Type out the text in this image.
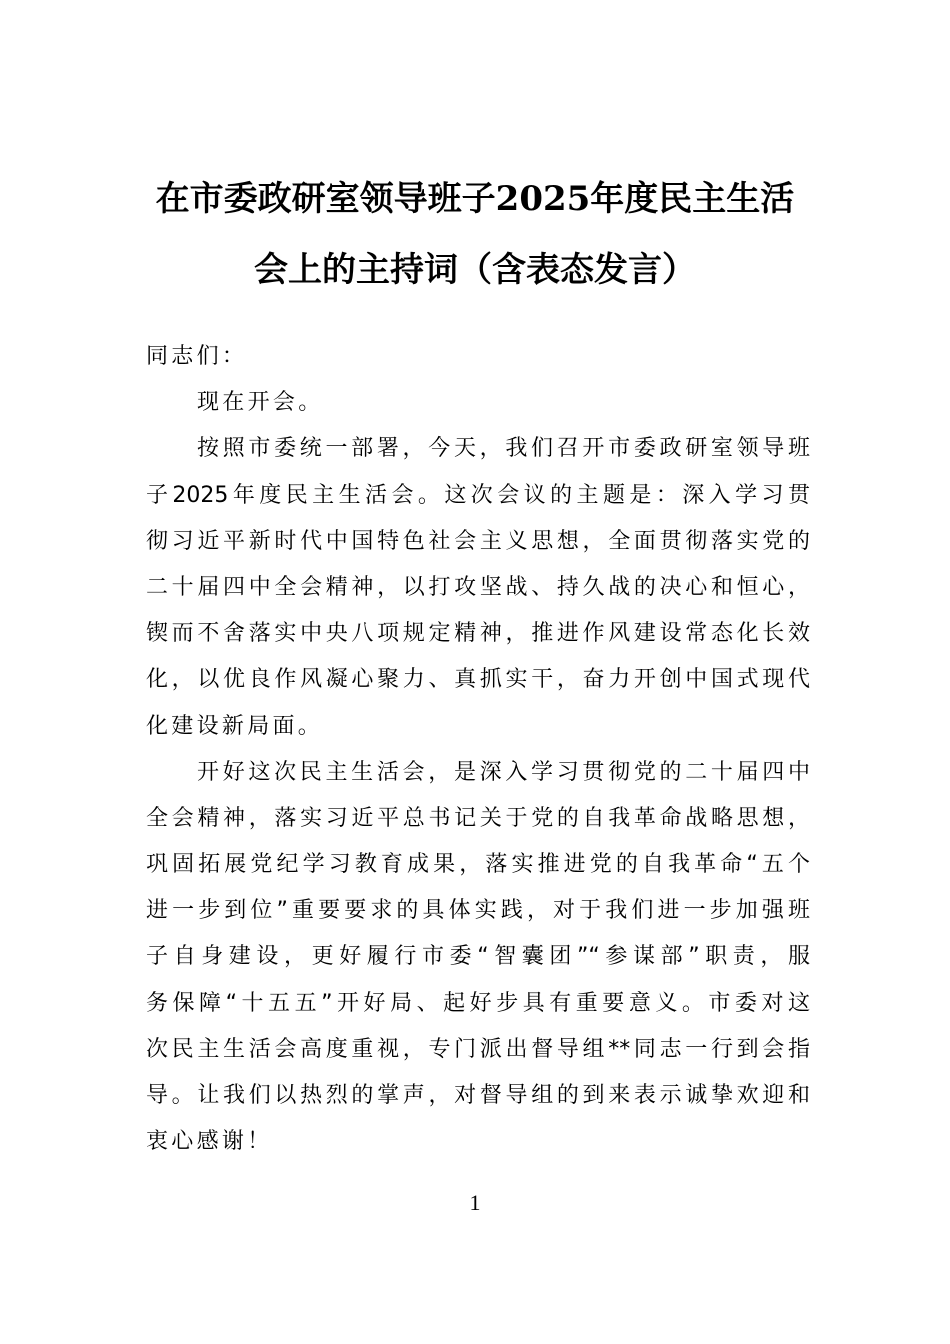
在市委政研室领导班子2025年度民主生活
会上的主持词（含表态发言）
同志们：
现在开会。
按照市委统一部署，今天，我们召开市委政研室领导班
子2025年度民主生活会。这次会议的主题是：深入学习贯
彻习近平新时代中国特色社会主义思想，全面贯彻落实党的
二十届四中全会精神，以打攻坚战、持久战的决心和恒心，
锲而不舍落实中央八项规定精神，推进作风建设常态化长效
化，以优良作风凝心聚力、真抓实干，奋力开创中国式现代
化建设新局面。
开好这次民主生活会，是深入学习贯彻党的二十届四中
全会精神，落实习近平总书记关于党的自我革命战略思想，
巩固拓展党纪学习教育成果，落实推进党的自我革命“五个
进一步到位”重要要求的具体实践，对于我们进一步加强班
子自身建设，更好履行市委“智囊团”“参谋部”职责，服
务保障“十五五”开好局、起好步具有重要意义。市委对这
次民主生活会高度重视，专门派出督导组**同志一行到会指
导。让我们以热烈的掌声，对督导组的到来表示诚挚欢迎和
衷心感谢！
1
